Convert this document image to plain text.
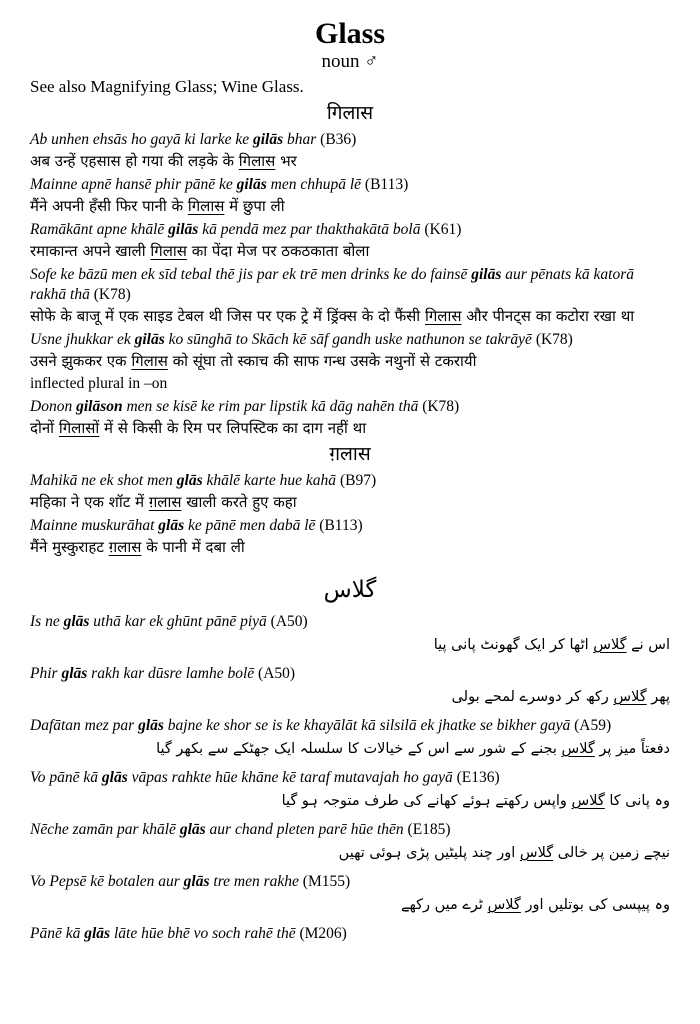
Glass
noun ♂
See also Magnifying Glass; Wine Glass.
गिलास
Ab unhen ehsās ho gayā ki larke ke gilās bhar (B36)
अब उन्हें एहसास हो गया की लड़के के गिलास भर
Mainne apnē hansē phir pānē ke gilās men chhupā lē (B113)
मैंने अपनी हँसी फिर पानी के गिलास में छुपा ली
Ramākānt apne khālē gilās kā pendā mez par thakthakātā bolā (K61)
रमाकान्त अपने खाली गिलास का पेंदा मेज पर ठकठकाता बोला
Sofe ke bāzū men ek sīd tebal thē jis par ek trē men drinks ke do fainsē gilās aur pēnats kā katorā rakhā thā (K78)
सोफे के बाजू में एक साइड टेबल थी जिस पर एक ट्रे में ड्रिंक्स के दो फैंसी गिलास और पीनट्स का कटोरा रखा था
Usne jhukkar ek gilās ko sūnghā to Skāch kē sāf gandh uske nathunon se takrāyē (K78)
उसने झुककर एक गिलास को सूंघा तो स्काच की साफ गन्ध उसके नथुनों से टकरायी
inflected plural in –on
Donon gilāson men se kisē ke rim par lipstik kā dāg nahēn thā (K78)
दोनों गिलासों में से किसी के रिम पर लिपस्टिक का दाग नहीं था
ग़लास
Mahikā ne ek shot men glās khālē karte hue kahā (B97)
महिका ने एक शॉट में ग़लास खाली करते हुए कहा
Mainne muskurāhat glās ke pānē men dabā lē (B113)
मैंने मुस्कुराहट ग़लास के पानी में दबा ली
گلاس
Is ne glās uthā kar ek ghūnt pānē piyā (A50)
اس نے گلاس اٹھا کر ایک گھونٹ پانی پیا
Phir glās rakh kar dūsre lamhe bolē (A50)
پھر گلاس رکھ کر دوسرے لمحے بولی
Dafātan mez par glās bajne ke shor se is ke khayālāt kā silsilā ek jhatke se bikher gayā (A59)
دفعتاً میز پر گلاس بجنے کے شور سے اس کے خیالات کا سلسلہ ایک جھٹکے سے بکھر گیا
Vo pānē kā glās vāpas rahkte hūe khāne kē taraf mutavajah ho gayā (E136)
وہ پانی کا گلاس واپس رکھتے ہوئے کھانے کی طرف متوجہ ہو گیا
Nēche zamān par khālē glās aur chand pleten parē hūe thēn (E185)
نیچے زمین پر خالی گلاس اور چند پلیٹیں پڑی ہوئی تھیں
Vo Pepsē kē botalen aur glās tre men rakhe (M155)
وہ پیپسی کی بوتلیں اور گلاس ٹرے میں رکھے
Pānē kā glās lāte hūe bhē vo soch rahē thē (M206)
